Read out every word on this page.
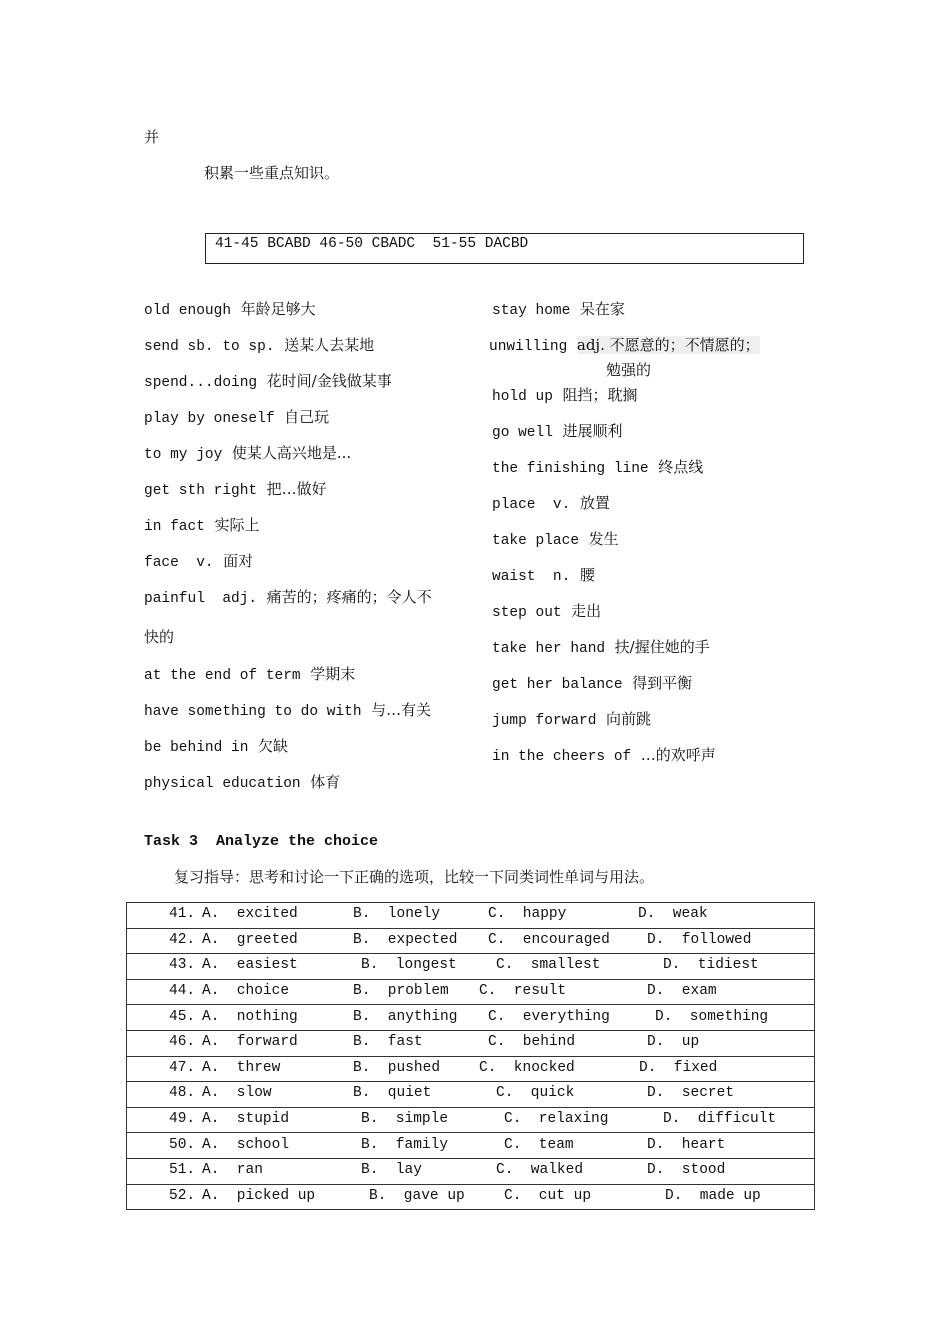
并
积累一些重点知识。
41-45 BCABD 46-50 CBADC  51-55 DACBD
old enough 年龄足够大
send sb. to sp. 送某人去某地
spend...doing 花时间/金钱做某事
play by oneself 自己玩
to my joy 使某人高兴地是...
get sth right 把…做好
in fact 实际上
face  v. 面对
painful  adj. 痛苦的；疼痛的；令人不
快的
at the end of term 学期末
have something to do with 与…有关
be behind in 欠缺
physical education 体育
stay home 呆在家
unwilling adj. 不愿意的；不情愿的；
勉强的
hold up 阻挡；耽搁
go well 进展顺利
the finishing line 终点线
place  v. 放置
take place 发生
waist  n. 腰
step out 走出
take her hand 扶/握住她的手
get her balance 得到平衡
jump forward 向前跳
in the cheers of …的欢呼声
Task 3  Analyze the choice
复习指导：思考和讨论一下正确的选项，比较一下同类词性单词与用法。
41. A.  excited	B.  lonely	C.  happy	D.  weak

42. A.  greeted	B.  expected C.  encouraged	D.  followed

43. A.  easiest	B.  longest	C.  smallest	D.  tidiest

44. A.  choice	B.  problem C.  result	D.  exam

45. A.  nothing	B.  anything C.  everything	D.  something

46. A.  forward	B.  fast	C.  behind	D.  up

47. A.  threw	B.  pushed	C.  knocked	D.  fixed

48. A.  slow	B.  quiet	C.  quick	D.  secret

49. A.  stupid	B.  simple	C.  relaxing	D.  difficult

50. A.  school	B.  family	C.  team	D.  heart

51. A.  ran	B.  lay	C.  walked	D.  stood

52. A.  picked up	B.  gave up	C.  cut up	D.  made up
